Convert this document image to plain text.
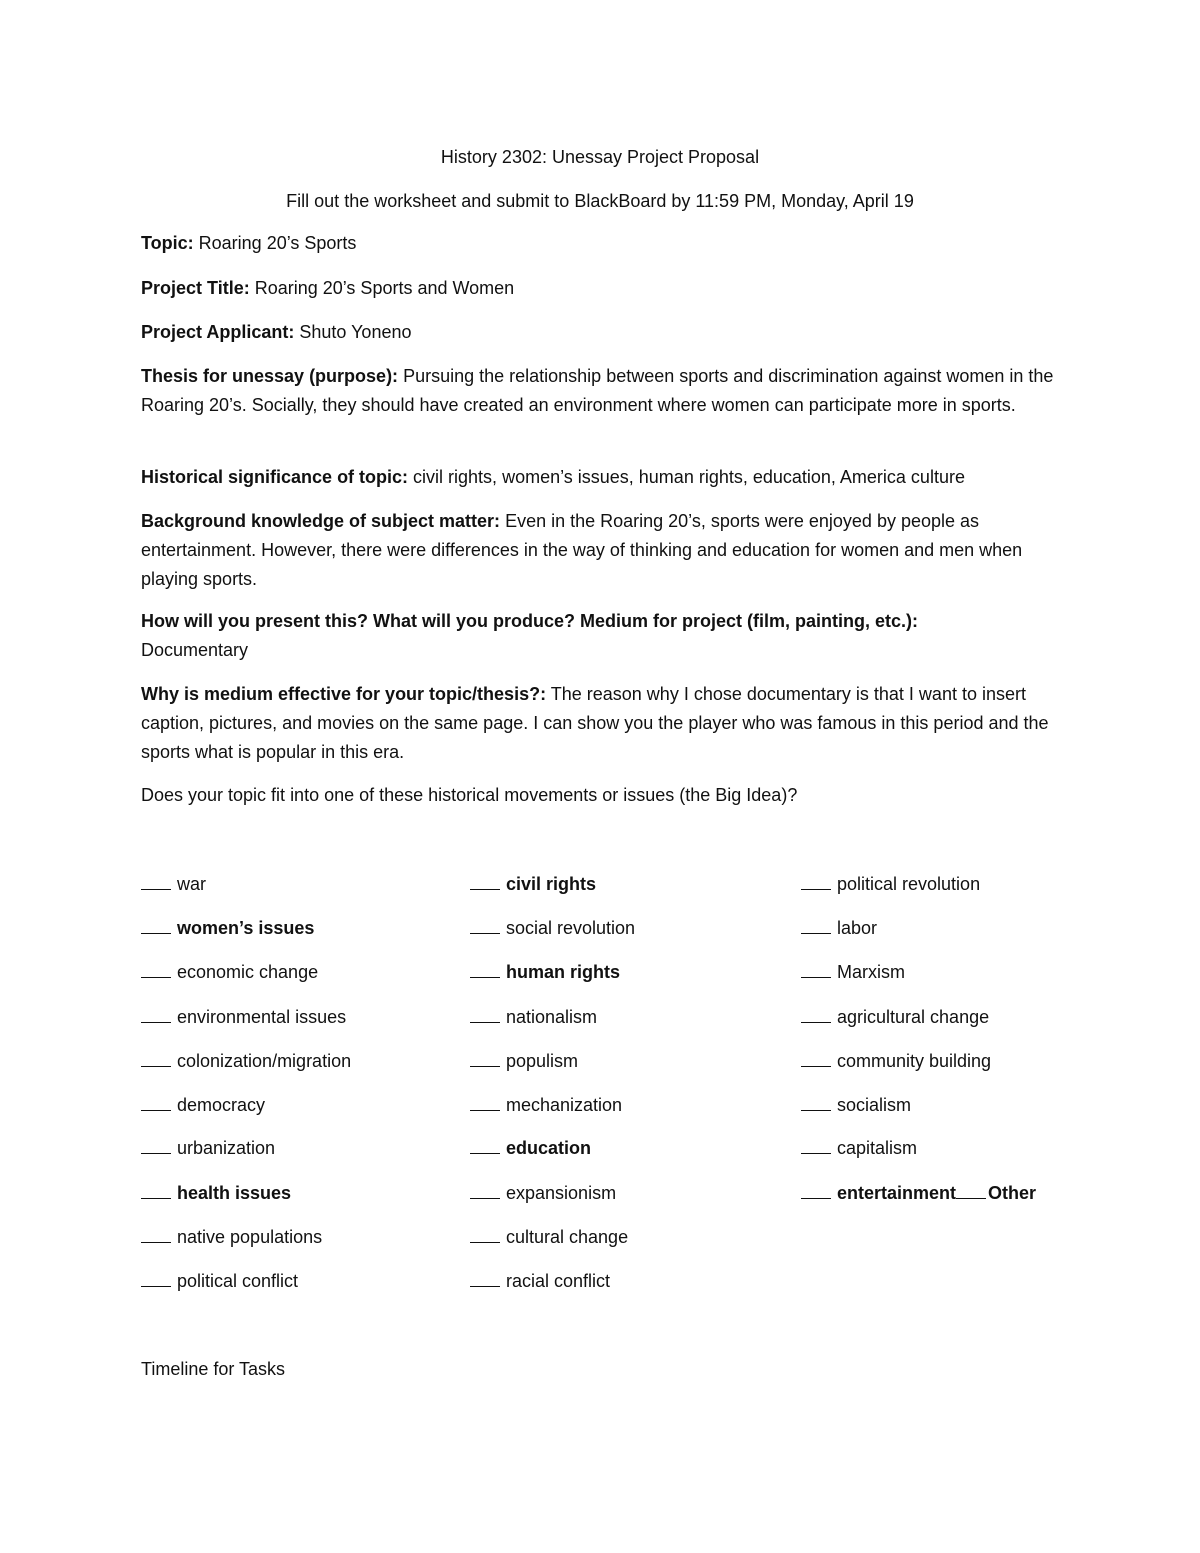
History 2302: Unessay Project Proposal
Fill out the worksheet and submit to BlackBoard by 11:59 PM, Monday, April 19

Topic: Roaring 20’s Sports

Project Title: Roaring 20’s Sports and Women

Project Applicant: Shuto Yoneno

Thesis for unessay (purpose): Pursuing the relationship between sports and discrimination against women in the Roaring 20’s. Socially, they should have created an environment where women can participate more in sports.

Historical significance of topic: civil rights, women’s issues, human rights, education, America culture

Background knowledge of subject matter: Even in the Roaring 20’s, sports were enjoyed by people as entertainment. However, there were differences in the way of thinking and education for women and men when playing sports.

How will you present this? What will you produce? Medium for project (film, painting, etc.):
Documentary

Why is medium effective for your topic/thesis?: The reason why I chose documentary is that I want to insert caption, pictures, and movies on the same page. I can show you the player who was famous in this period and the sports what is popular in this era.

Does your topic fit into one of these historical movements or issues (the Big Idea)?

war
women’s issues
economic change
environmental issues
colonization/migration
democracy
urbanization
health issues
native populations
political conflict
civil rights
social revolution
human rights
nationalism
populism
mechanization
education
expansionism
cultural change
racial conflict
political revolution
labor
Marxism
agricultural change
community building
socialism
capitalism
entertainment Other

Timeline for Tasks
